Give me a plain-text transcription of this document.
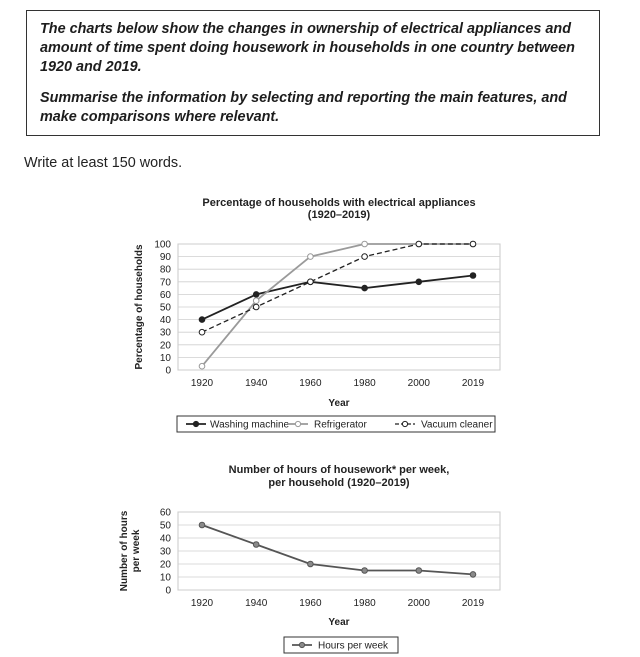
The charts below show the changes in ownership of electrical appliances and amount of time spent doing housework in households in one country between 1920 and 2019.

Summarise the information by selecting and reporting the main features, and make comparisons where relevant.

Write at least 150 words.
Percentage of households with electrical appliances
(1920–2019)
0
10
20
30
40
50
60
70
80
90
100
1920	1940	1960	1980	2000	2019
Year
Percentage of households
Washing machine Refrigerator	Vacuum cleaner
Number of hours of housework* per week,
per household (1920–2019)
0
10
20
30
40
50
60
1920	1940	1960	1980	2000	2019
Year
Number of hours per week
Hours per week
